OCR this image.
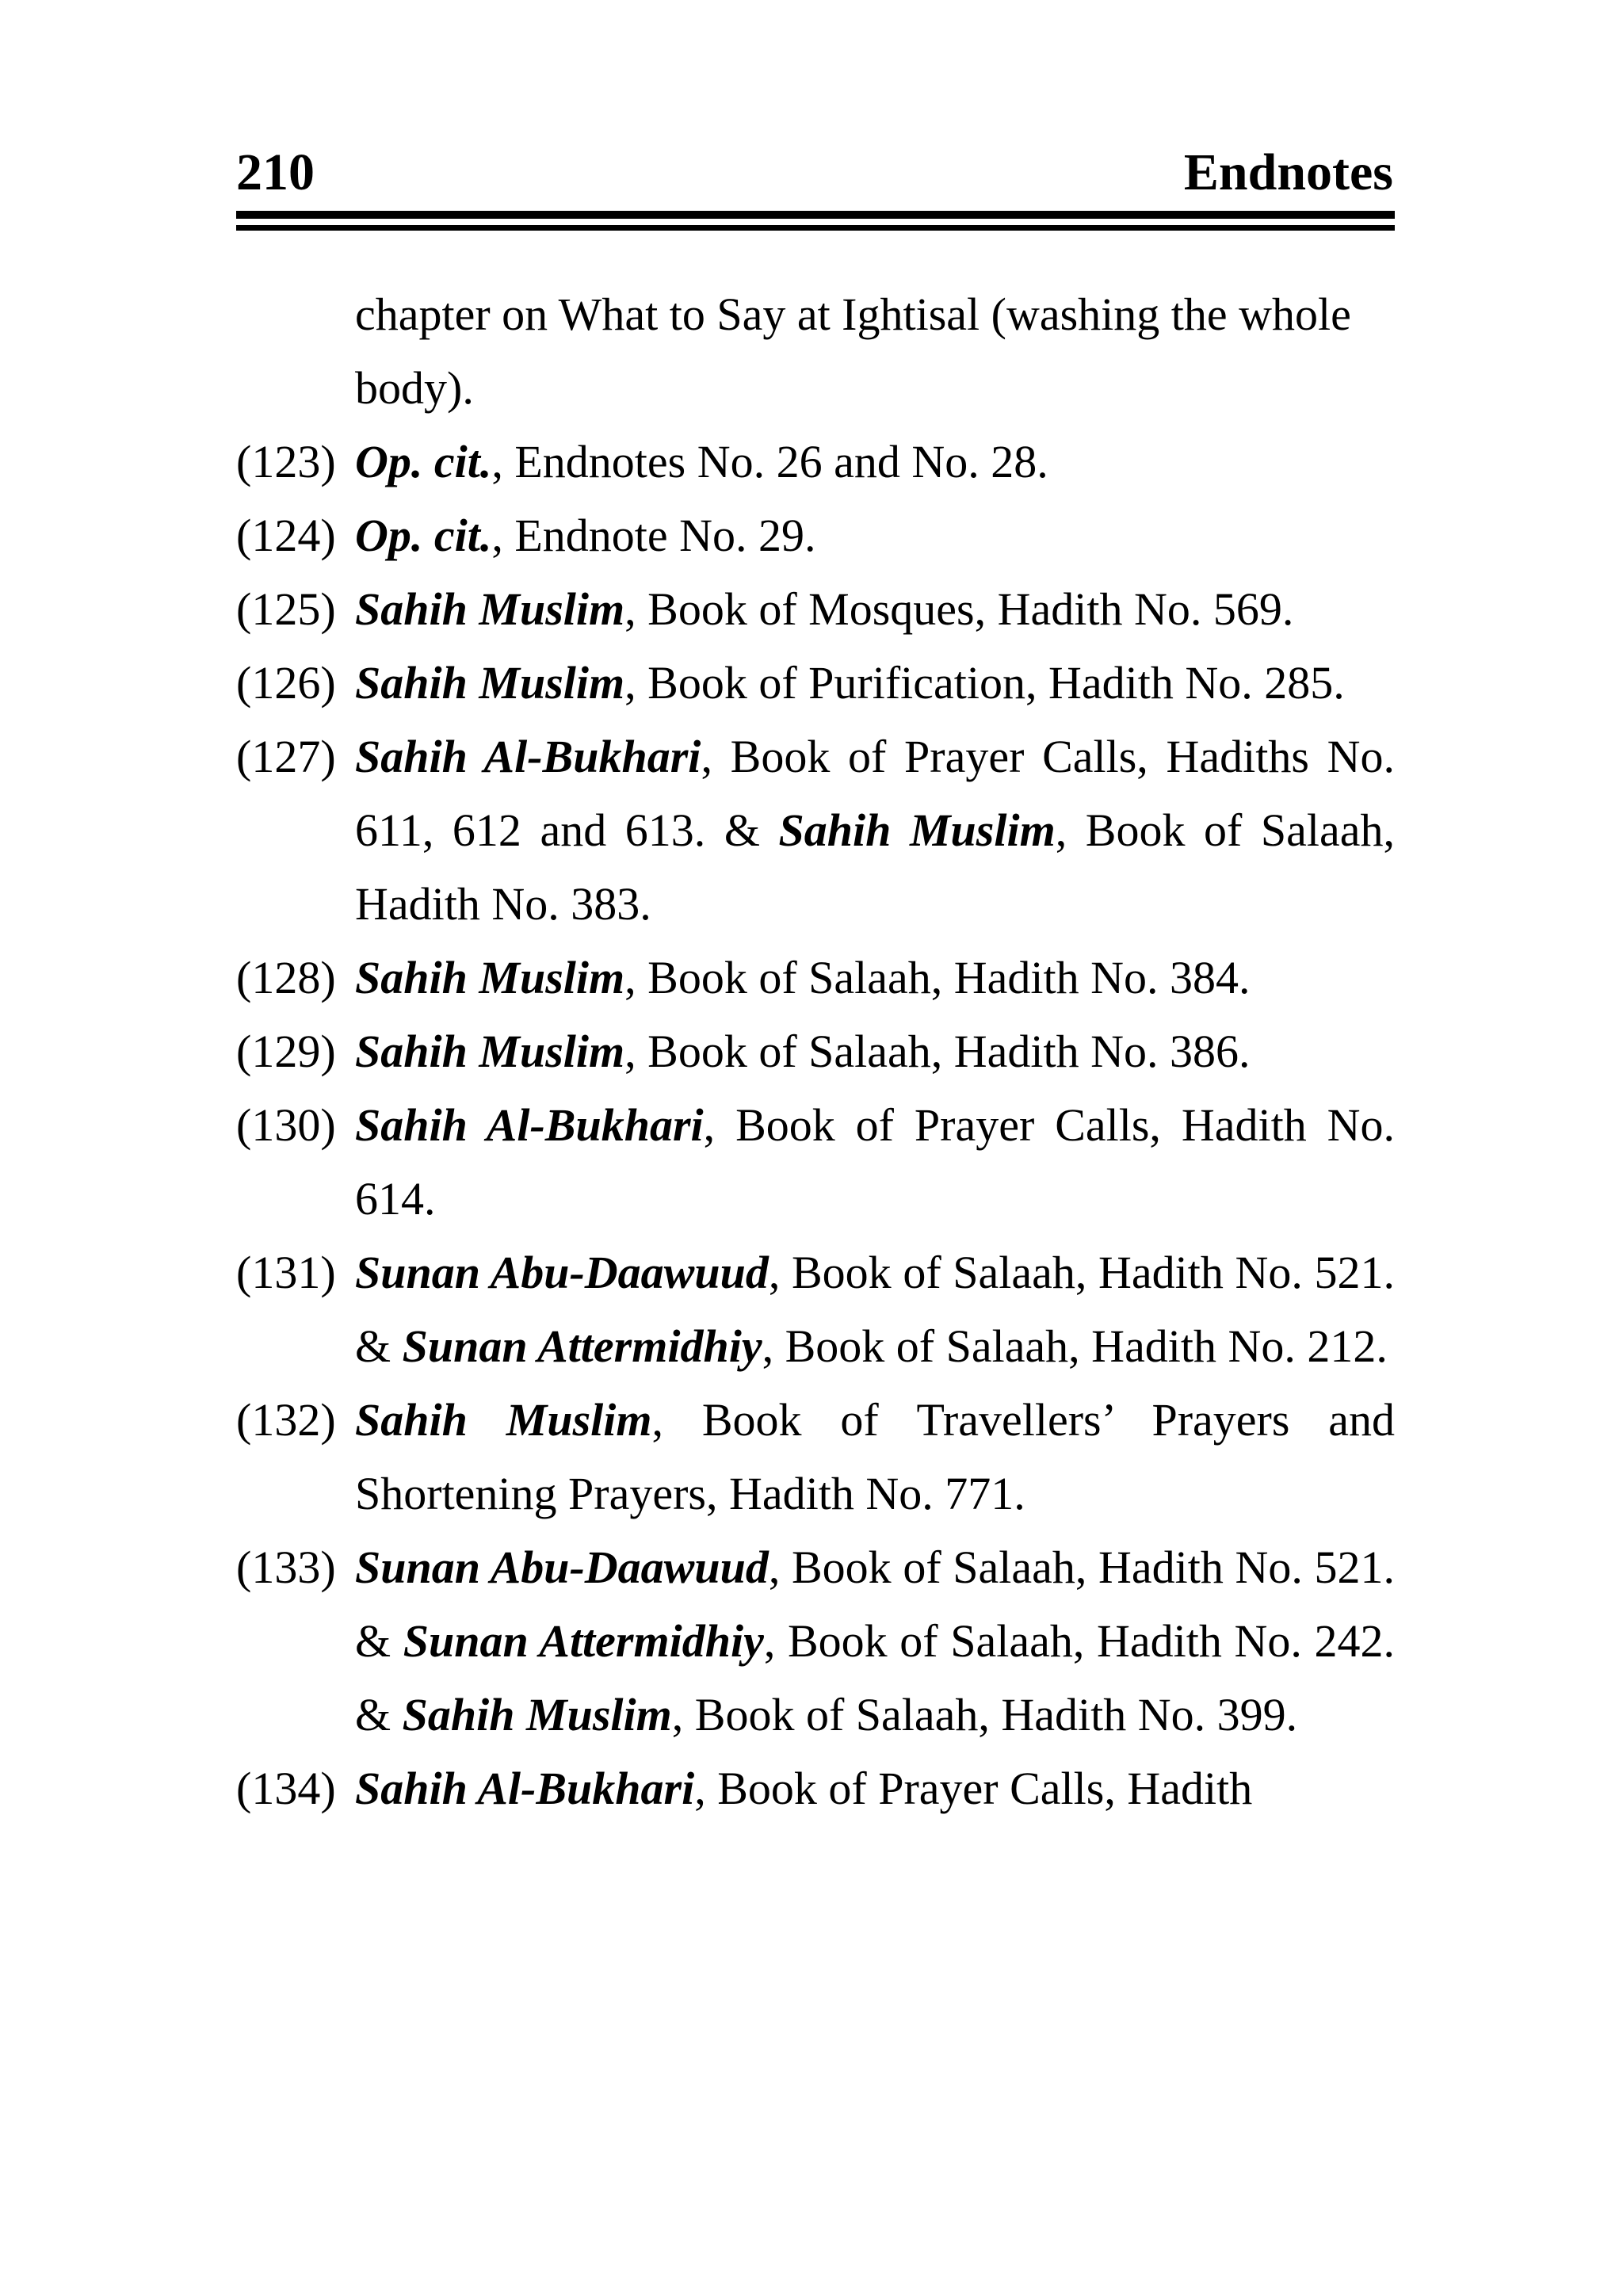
210	Endnotes

chapter on What to Say at Ightisal (washing the whole body).

(123) Op. cit., Endnotes No. 26 and No. 28.

(124) Op. cit., Endnote No. 29.

(125) Sahih Muslim, Book of Mosques, Hadith No. 569.

(126) Sahih Muslim, Book of Purification, Hadith No. 285.

(127) Sahih Al-Bukhari, Book of Prayer Calls, Hadiths No. 611, 612 and 613. & Sahih Muslim, Book of Salaah, Hadith No. 383.

(128) Sahih Muslim, Book of Salaah, Hadith No. 384.

(129) Sahih Muslim, Book of Salaah, Hadith No. 386.

(130) Sahih Al-Bukhari, Book of Prayer Calls, Hadith No. 614.

(131) Sunan Abu-Daawuud, Book of Salaah, Hadith No. 521. & Sunan Attermidhiy, Book of Salaah, Hadith No. 212.

(132) Sahih Muslim, Book of Travellers’ Prayers and Shortening Prayers, Hadith No. 771.

(133) Sunan Abu-Daawuud, Book of Salaah, Hadith No. 521. & Sunan Attermidhiy, Book of Salaah, Hadith No. 242. & Sahih Muslim, Book of Salaah, Hadith No. 399.

(134) Sahih Al-Bukhari, Book of Prayer Calls, Hadith
